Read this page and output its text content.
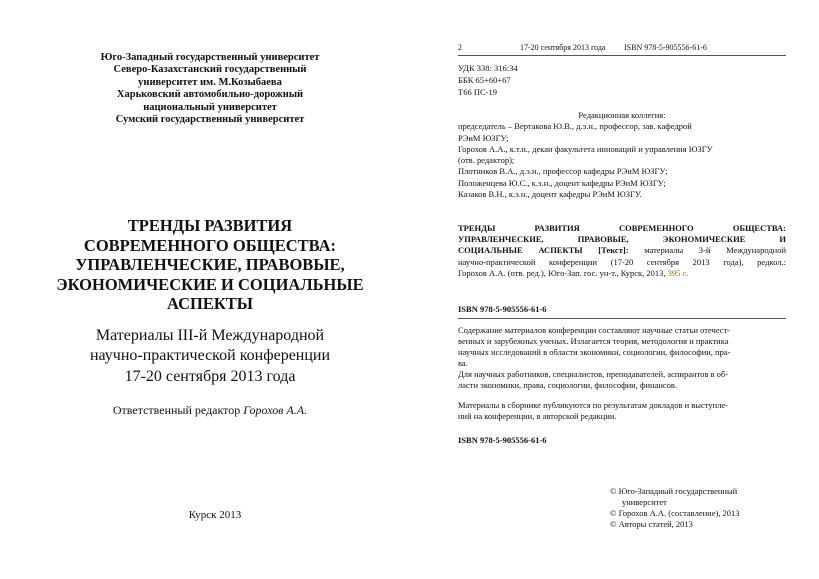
Юго-Западный государственный университет
Северо-Казахстанский государственный
университет им. М.Козыбаева
Харьковский автомобильно-дорожный
национальный университет
Сумский государственный университет
ТРЕНДЫ РАЗВИТИЯ
СОВРЕМЕННОГО ОБЩЕСТВА:
УПРАВЛЕНЧЕСКИЕ, ПРАВОВЫЕ,
ЭКОНОМИЧЕСКИЕ И СОЦИАЛЬНЫЕ
АСПЕКТЫ
Материалы III-й Международной
научно-практической конференции
17-20 сентября 2013 года
Ответственный редактор Горохов А.А.
Курск 2013
2	17-20 сентября 2013 года ISBN 978-5-905556-61-6
УДК 338: 316:34
ББК 65+60+67
Т66 ПС-19
Редакционная коллегия:
председатель – Вертакова Ю.В., д.э.н., профессор, зав. кафедрой
РЭиМ ЮЗГУ;
Горохов А.А., к.т.н., декан факультета инноваций и управления ЮЗГУ
(отв. редактор);
Плотников В.А., д.э.н., профессор кафедры РЭиМ ЮЗГУ;
Положенцева Ю.С., к.э.н., доцент кафедры РЭиМ ЮЗГУ;
Казаков В.Н., к.э.н., доцент кафедры РЭиМ ЮЗГУ.
ТРЕНДЫ РАЗВИТИЯ СОВРЕМЕННОГО ОБЩЕСТВА:
УПРАВЛЕНЧЕСКИЕ, ПРАВОВЫЕ, ЭКОНОМИЧЕСКИЕ И
СОЦИАЛЬНЫЕ АСПЕКТЫ [Текст]: материалы 3-й Международной
научно-практической конференции (17-20 сентября 2013 года), редкол.:
Горохов А.А. (отв. ред.), Юго-Зап. гос. ун-т., Курск, 2013, 395 с.
ISBN 978-5-905556-61-6
Содержание материалов конференции составляют научные статьи отечест-
венных и зарубежных ученых. Излагается теория, методология и практика
научных исследований в области экономики, социологии, философии, пра-
ва.
Для научных работников, специалистов, преподавателей, аспирантов в об-
ласти экономики, права, социологии, философии, финансов.
Материалы в сборнике публикуются по результатам докладов и выступле-
ний на конференции, в авторской редакции.
ISBN 978-5-905556-61-6
© Юго-Западный государственный
университет
© Горохов А.А. (составление), 2013
© Авторы статей, 2013
